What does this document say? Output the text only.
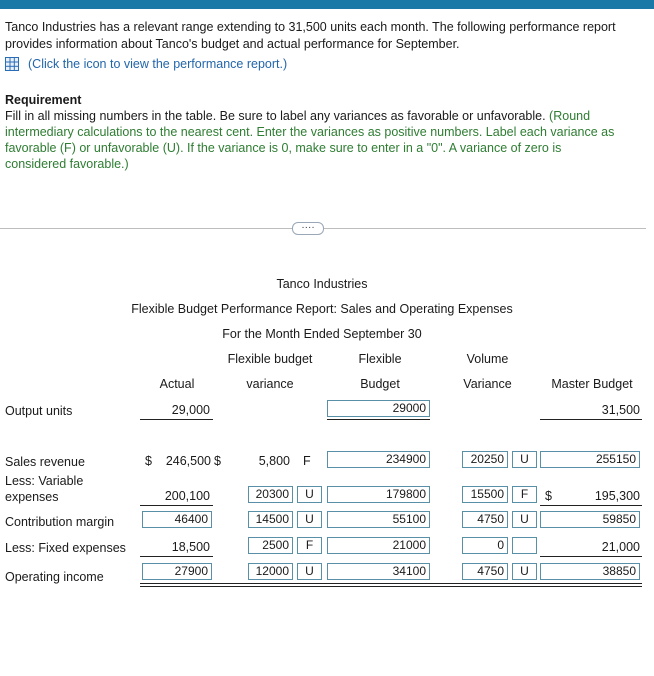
Tanco Industries has a relevant range extending to 31,500 units each month. The following performance report
provides information about Tanco's budget and actual performance for September.
(Click the icon to view the performance report.)
Requirement
Fill in all missing numbers in the table. Be sure to label any variances as favorable or unfavorable. (Round
intermediary calculations to the nearest cent. Enter the variances as positive numbers. Label each variance as
favorable (F) or unfavorable (U). If the variance is 0, make sure to enter in a "0". A variance of zero is
considered favorable.)
····
Tanco Industries
Flexible Budget Performance Report: Sales and Operating Expenses
For the Month Ended September 30
Flexible budget	Flexible	Volume
Actual	variance	Budget	Variance	Master Budget
Output units	29,000	29000	31,500
Sales revenue	$	246,500 $	5,800 F	234900	20250	U	255150
Less: Variable
expenses	200,100	20300	U	179800	15500	F	$	195,300
Contribution margin	46400	14500	U	55100	4750	U	59850
Less: Fixed expenses	18,500	2500	F	21000	0	21,000
Operating income	27900	12000	U	34100	4750	U	38850
